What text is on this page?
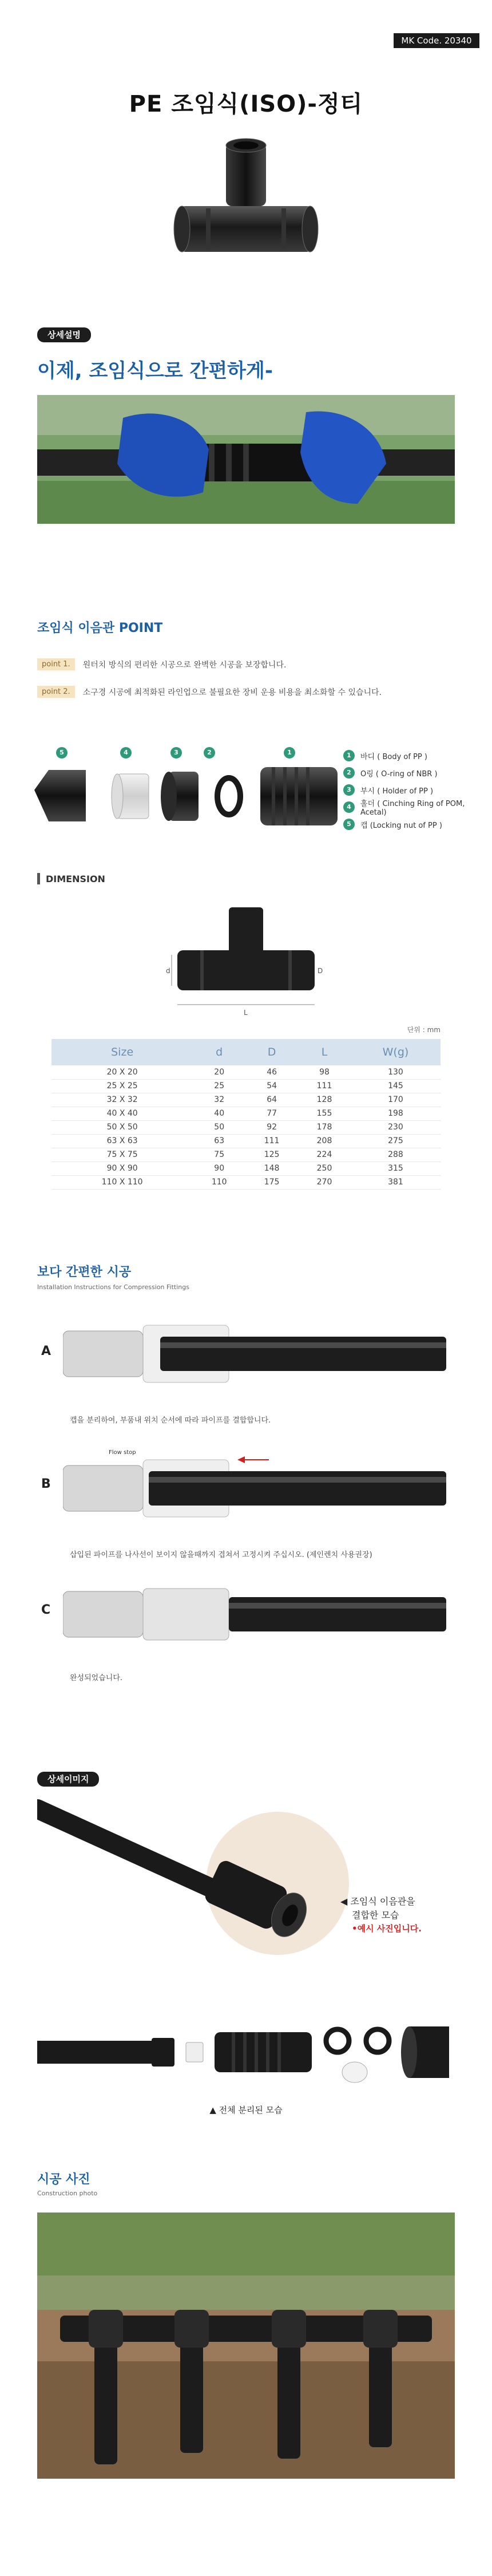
MK Code. 20340
PE 조임식(ISO)-정티
상세설명
이제, 조임식으로 간편하게-
조임식 이음관 POINT
point 1.	원터치 방식의 편리한 시공으로 완벽한 시공을 보장합니다.
point 2.	소구경 시공에 최적화된 라인업으로 불필요한 장비 운용 비용을 최소화할 수 있습니다.
5	4	3	2	1	1	바디 ( Body of PP )
2	O링 ( O-ring of NBR )
3	부시 ( Holder of PP )
4	홀더 ( Cinching Ring of POM, Acetal)
5	캡 (Locking nut of PP )
DIMENSION
d	D
L
단위 : mm
Size	d	D	L	W(g)
20 X 20	20	46	98	130
25 X 25	25	54	111	145
32 X 32	32	64	128	170
40 X 40	40	77	155	198
50 X 50	50	92	178	230
63 X 63	63	111	208	275
75 X 75	75	125	224	288
90 X 90	90	148	250	315
110 X 110	110	175	270	381
보다 간편한 시공
Installation Instructions for Compression Fittings
A
캡을 분리하여, 부품내 위치 순서에 따라 파이프를 결합합니다.
B
Flow stop
삽입된 파이프를 나사선이 보이지 않을때까지 겹쳐서 고정시켜 주십시오. (제인렌치 사용권장)
C
완성되었습니다.
상세이미지
◀ 조임식 이음관을
결합한 모습
•예시 사진입니다.
▲ 전체 분리된 모습
시공 사진
Construction photo
